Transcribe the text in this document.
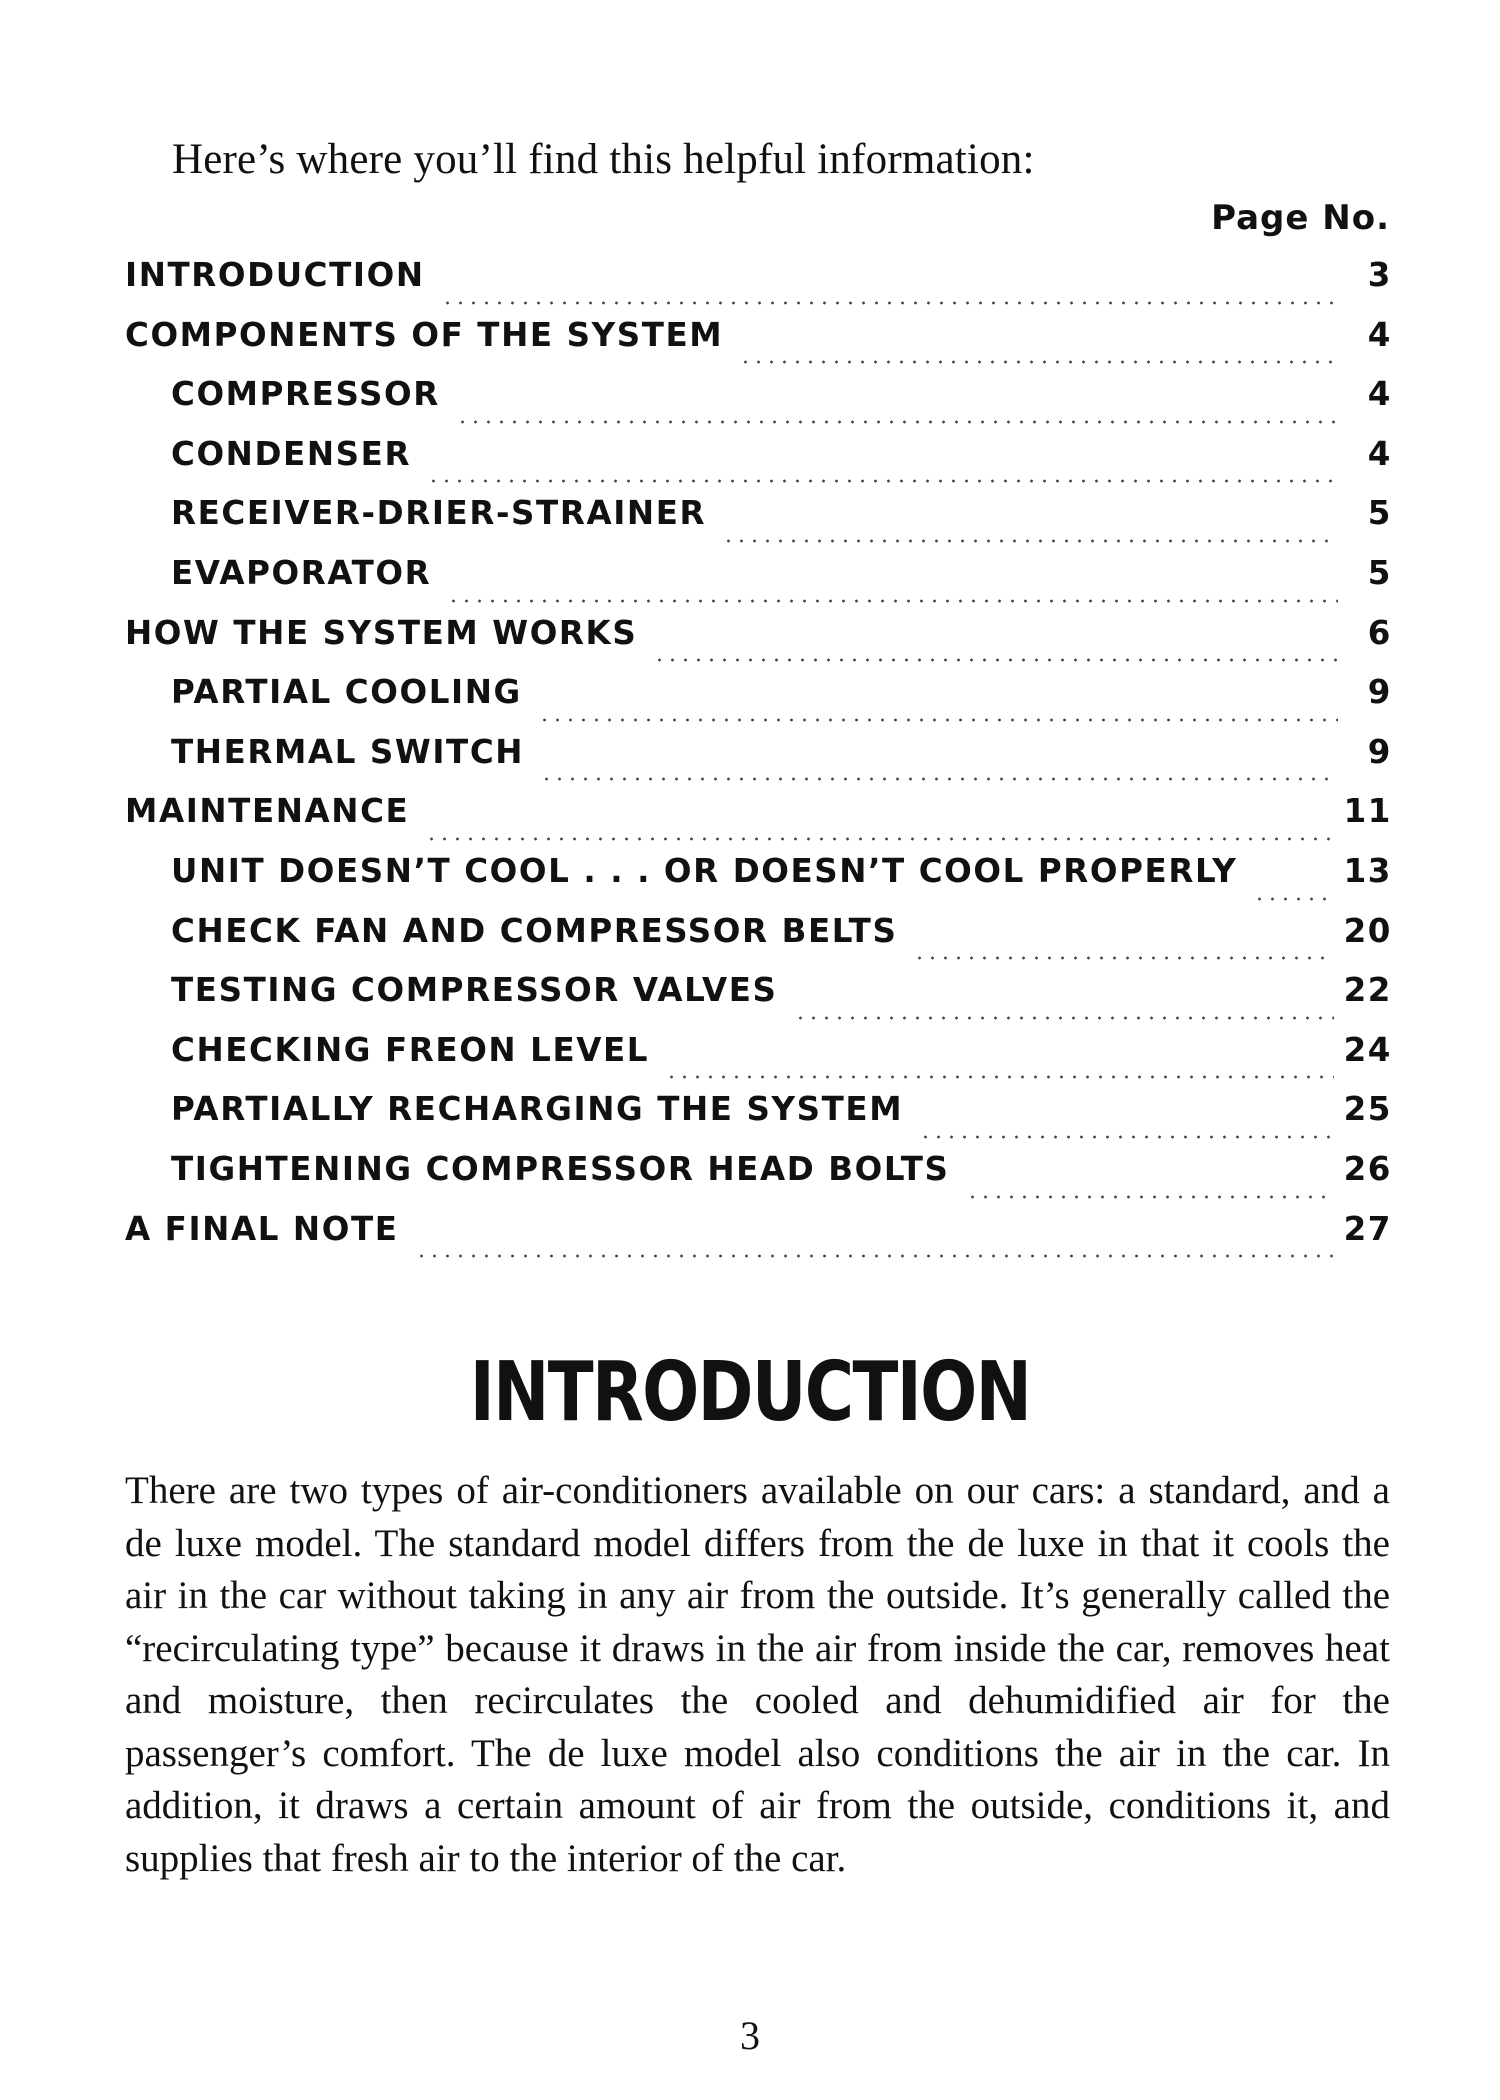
Here’s where you’ll find this helpful information:
Page No.
INTRODUCTION	3
COMPONENTS OF THE SYSTEM	4
COMPRESSOR	4
CONDENSER	4
RECEIVER-DRIER-STRAINER	5
EVAPORATOR	5
HOW THE SYSTEM WORKS	6
PARTIAL COOLING	9
THERMAL SWITCH	9
MAINTENANCE	11
UNIT DOESN’T COOL . . . OR DOESN’T COOL PROPERLY	13
CHECK FAN AND COMPRESSOR BELTS	20
TESTING COMPRESSOR VALVES	22
CHECKING FREON LEVEL	24
PARTIALLY RECHARGING THE SYSTEM	25
TIGHTENING COMPRESSOR HEAD BOLTS	26
A FINAL NOTE	27
INTRODUCTION

There are two types of air-conditioners available on our cars: a standard, and a de luxe model. The standard model differs from the de luxe in that it cools the air in the car without taking in any air from the outside. It’s generally called the “recirculating type” because it draws in the air from inside the car, removes heat and moisture, then recirculates the cooled and dehumidified air for the passenger’s comfort. The de luxe model also conditions the air in the car. In addition, it draws a certain amount of air from the outside, conditions it, and supplies that fresh air to the interior of the car.

3
